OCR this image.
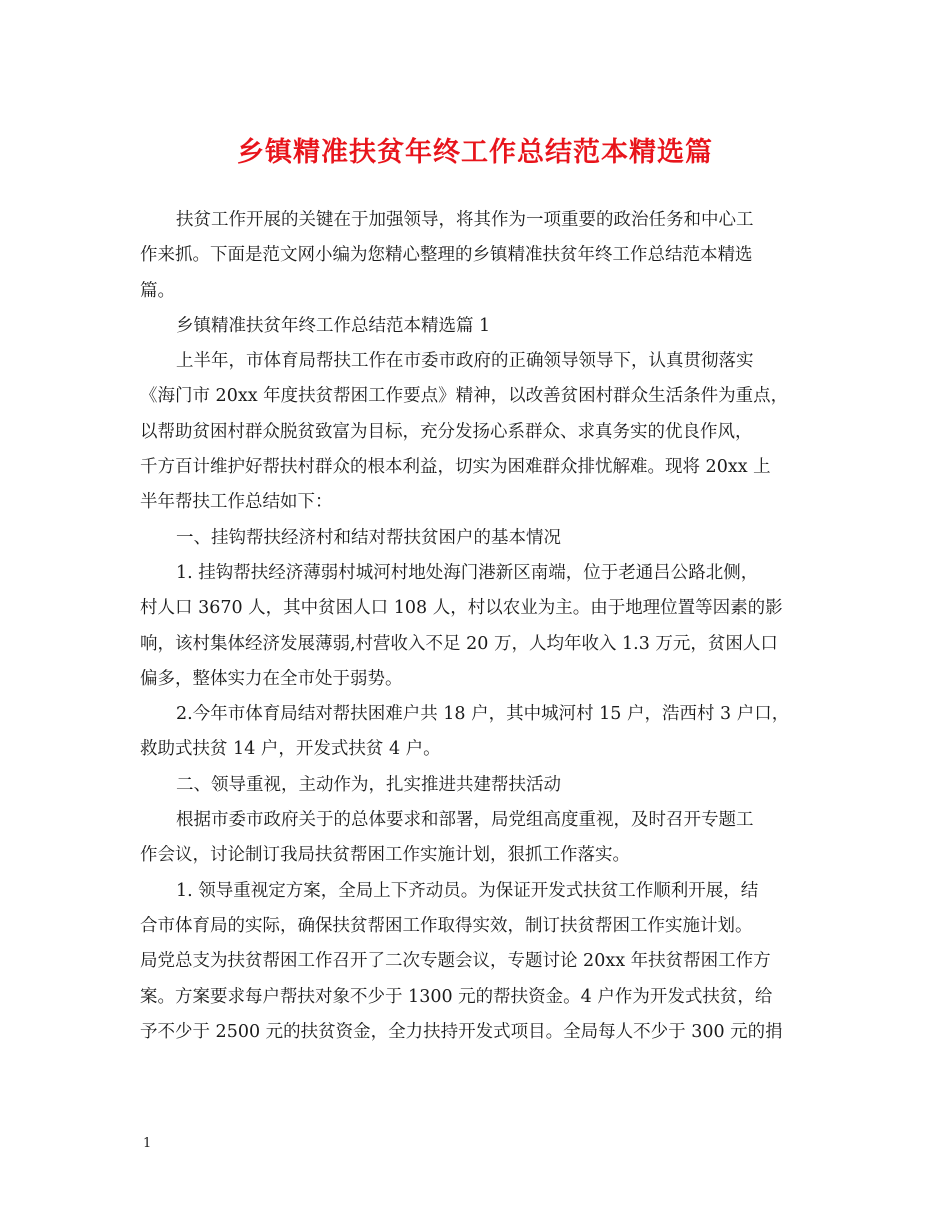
乡镇精准扶贫年终工作总结范本精选篇

扶贫工作开展的关键在于加强领导，将其作为一项重要的政治任务和中心工
作来抓。下面是范文网小编为您精心整理的乡镇精准扶贫年终工作总结范本精选
篇。

乡镇精准扶贫年终工作总结范本精选篇 1

上半年，市体育局帮扶工作在市委市政府的正确领导领导下，认真贯彻落实
《海门市 20xx 年度扶贫帮困工作要点》精神，以改善贫困村群众生活条件为重点，
以帮助贫困村群众脱贫致富为目标，充分发扬心系群众、求真务实的优良作风，
千方百计维护好帮扶村群众的根本利益，切实为困难群众排忧解难。现将 20xx 上
半年帮扶工作总结如下：

一、挂钩帮扶经济村和结对帮扶贫困户的基本情况

1. 挂钩帮扶经济薄弱村城河村地处海门港新区南端，位于老通吕公路北侧，
村人口 3670 人，其中贫困人口 108 人，村以农业为主。由于地理位置等因素的影
响，该村集体经济发展薄弱,村营收入不足 20 万，人均年收入 1.3 万元，贫困人口
偏多，整体实力在全市处于弱势。

2.今年市体育局结对帮扶困难户共 18 户，其中城河村 15 户，浩西村 3 户口，
救助式扶贫 14 户，开发式扶贫 4 户。

二、领导重视，主动作为，扎实推进共建帮扶活动

根据市委市政府关于的总体要求和部署，局党组高度重视，及时召开专题工
作会议，讨论制订我局扶贫帮困工作实施计划，狠抓工作落实。

1. 领导重视定方案，全局上下齐动员。为保证开发式扶贫工作顺利开展，结
合市体育局的实际，确保扶贫帮困工作取得实效，制订扶贫帮困工作实施计划。
局党总支为扶贫帮困工作召开了二次专题会议，专题讨论 20xx 年扶贫帮困工作方
案。方案要求每户帮扶对象不少于 1300 元的帮扶资金。4 户作为开发式扶贫，给
予不少于 2500 元的扶贫资金，全力扶持开发式项目。全局每人不少于 300 元的捐

1
